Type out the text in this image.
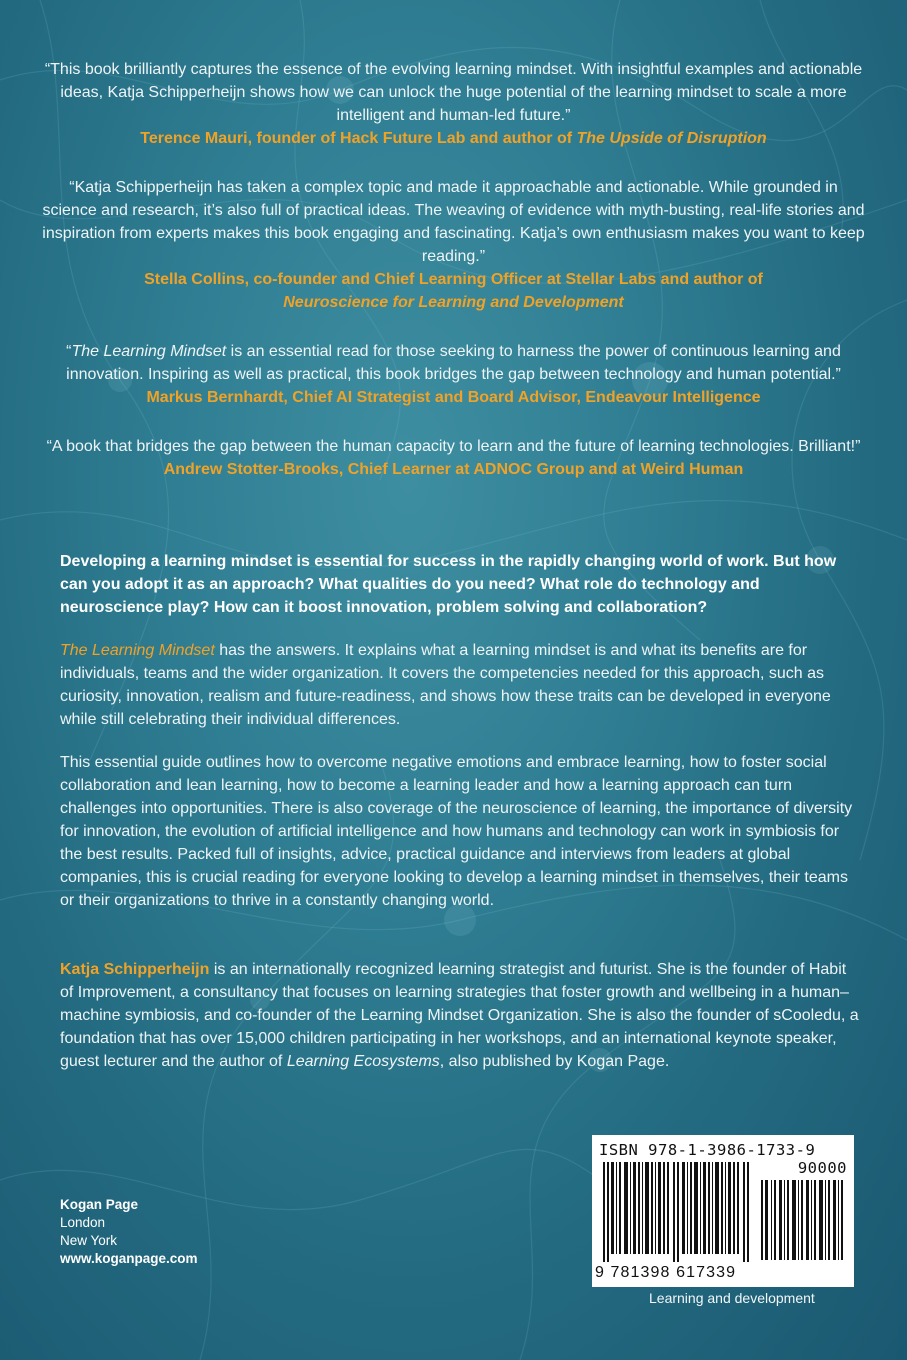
“This book brilliantly captures the essence of the evolving learning mindset. With insightful examples and actionable ideas, Katja Schipperheijn shows how we can unlock the huge potential of the learning mindset to scale a more intelligent and human-led future.”

Terence Mauri, founder of Hack Future Lab and author of The Upside of Disruption

“Katja Schipperheijn has taken a complex topic and made it approachable and actionable. While grounded in science and research, it’s also full of practical ideas. The weaving of evidence with myth-busting, real-life stories and inspiration from experts makes this book engaging and fascinating. Katja’s own enthusiasm makes you want to keep reading.”

Stella Collins, co-founder and Chief Learning Officer at Stellar Labs and author of
Neuroscience for Learning and Development

“The Learning Mindset is an essential read for those seeking to harness the power of continuous learning and innovation. Inspiring as well as practical, this book bridges the gap between technology and human potential.”

Markus Bernhardt, Chief AI Strategist and Board Advisor, Endeavour Intelligence

“A book that bridges the gap between the human capacity to learn and the future of learning technologies. Brilliant!”

Andrew Stotter-Brooks, Chief Learner at ADNOC Group and at Weird Human

Developing a learning mindset is essential for success in the rapidly changing world of work. But how can you adopt it as an approach? What qualities do you need? What role do technology and neuroscience play? How can it boost innovation, problem solving and collaboration?

The Learning Mindset has the answers. It explains what a learning mindset is and what its benefits are for individuals, teams and the wider organization. It covers the competencies needed for this approach, such as curiosity, innovation, realism and future-readiness, and shows how these traits can be developed in everyone while still celebrating their individual differences.

This essential guide outlines how to overcome negative emotions and embrace learning, how to foster social collaboration and lean learning, how to become a learning leader and how a learning approach can turn challenges into opportunities. There is also coverage of the neuroscience of learning, the importance of diversity for innovation, the evolution of artificial intelligence and how humans and technology can work in symbiosis for the best results. Packed full of insights, advice, practical guidance and interviews from leaders at global companies, this is crucial reading for everyone looking to develop a learning mindset in themselves, their teams or their organizations to thrive in a constantly changing world.

Katja Schipperheijn is an internationally recognized learning strategist and futurist. She is the founder of Habit of Improvement, a consultancy that focuses on learning strategies that foster growth and wellbeing in a human–machine symbiosis, and co-founder of the Learning Mindset Organization. She is also the founder of sCooledu, a foundation that has over 15,000 children participating in her workshops, and an international keynote speaker, guest lecturer and the author of Learning Ecosystems, also published by Kogan Page.

Kogan Page
London
New York
www.koganpage.com
ISBN 978-1-3986-1733-9
90000
9 781398 617339
Learning and development
